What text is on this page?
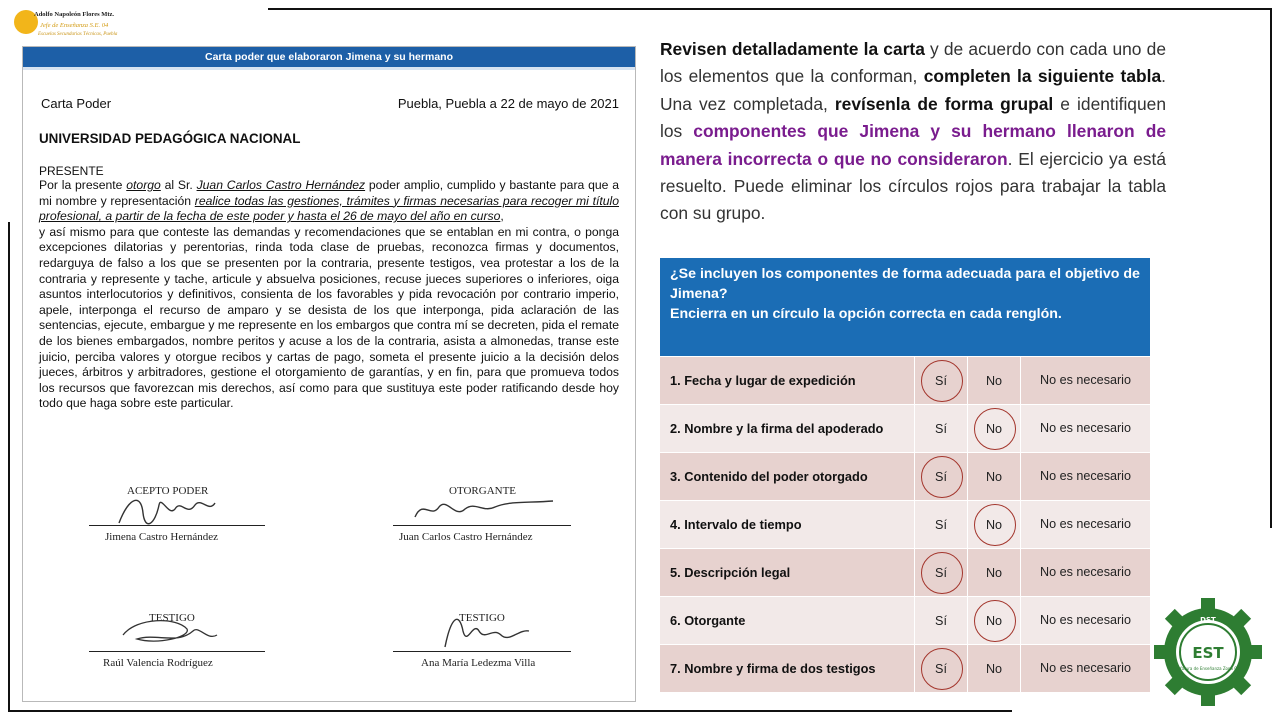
Adolfo Napoleón Flores Mtz.
Jefe de Enseñanza S.E. 04
Escuelas Secundarias Técnicas, Puebla
Carta poder que elaboraron Jimena y su hermano
Carta Poder	Puebla, Puebla a 22 de mayo de 2021
UNIVERSIDAD PEDAGÓGICA NACIONAL
PRESENTE

Por la presente otorgo al Sr. Juan Carlos Castro Hernández poder amplio, cumplido y bastante para que a mi nombre y representación realice todas las gestiones, trámites y firmas necesarias para recoger mi título profesional, a partir de la fecha de este poder y hasta el 26 de mayo del año en curso,

y así mismo para que conteste las demandas y recomendaciones que se entablan en mi contra, o ponga excepciones dilatorias y perentorias, rinda toda clase de pruebas, reconozca firmas y documentos, redarguya de falso a los que se presenten por la contraria, presente testigos, vea protestar a los de la contraria y represente y tache, articule y absuelva posiciones, recuse jueces superiores o inferiores, oiga asuntos interlocutorios y definitivos, consienta de los favorables y pida revocación por contrario imperio, apele, interponga el recurso de amparo y se desista de los que interponga, pida aclaración de las sentencias, ejecute, embargue y me represente en los embargos que contra mí se decreten, pida el remate de los bienes embargados, nombre peritos y acuse a los de la contraria, asista a almonedas, transe este juicio, perciba valores y otorgue recibos y cartas de pago, someta el presente juicio a la decisión delos jueces, árbitros y arbitradores, gestione el otorgamiento de garantías, y en fin, para que promueva todos los recursos que favorezcan mis derechos, así como para que sustituya este poder ratificando desde hoy todo que haga sobre este particular.

ACEPTO PODER
Jimena Castro Hernández
OTORGANTE
Juan Carlos Castro Hernández
TESTIGO
Raúl Valencia Rodríguez
TESTIGO
Ana María Ledezma Villa
Revisen detalladamente la carta y de acuerdo con cada uno de los elementos que la conforman, completen la siguiente tabla. Una vez completada, revísenla de forma grupal e identifiquen los componentes que Jimena y su hermano llenaron de manera incorrecta o que no consideraron. El ejercicio ya está resuelto. Puede eliminar los círculos rojos para trabajar la tabla con su grupo.
¿Se incluyen los componentes de forma adecuada para el objetivo de Jimena?
Encierra en un círculo la opción correcta en cada renglón.			

1. Fecha y lugar de expedición	Sí	No	No es necesario
2. Nombre y la firma del apoderado	Sí	No	No es necesario
3. Contenido del poder otorgado	Sí	No	No es necesario
4. Intervalo de tiempo	Sí	No	No es necesario
5. Descripción legal	Sí	No	No es necesario
6. Otorgante	Sí	No	No es necesario
7. Nombre y firma de dos testigos	Sí	No	No es necesario
DST
EST
Jefatura de Enseñanza Zona 04
